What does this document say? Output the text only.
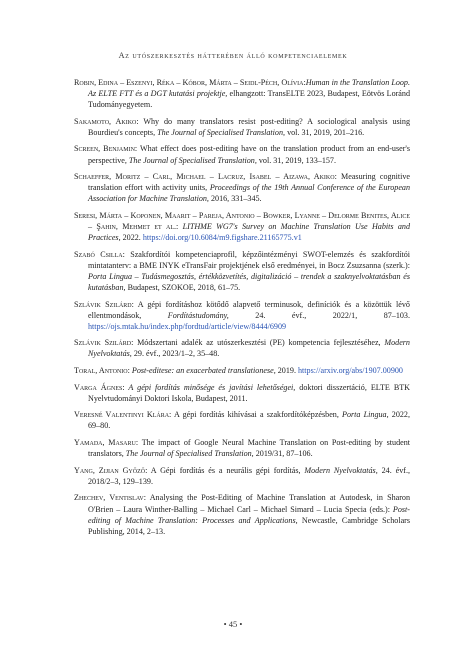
Az utószerkesztés hátterében álló kompetenciaelemek
Robin, Edina – Eszenyi, Réka – Kóbor, Márta – Seidl-Péch, Olívia:Human in the Translation Loop. Az ELTE FTT és a DGT kutatási projektje, elhangzott: TransELTE 2023, Budapest, Eötvös Loránd Tudományegyetem.
Sakamoto, Akiko: Why do many translators resist post-editing? A sociological analysis using Bourdieu's concepts, The Journal of Specialised Translation, vol. 31, 2019, 201–216.
Screen, Benjamin: What effect does post-editing have on the translation product from an end-user's perspective, The Journal of Specialised Translation, vol. 31, 2019, 133–157.
Schaeffer, Moritz – Carl, Michael – Lacruz, Isabel – Aizawa, Akiko: Measuring cognitive translation effort with activity units, Proceedings of the 19th Annual Conference of the European Association for Machine Translation, 2016, 331–345.
Seresi, Márta – Koponen, Maarit – Pareja, Antonio – Bowker, Lyanne – Delorme Benites, Alice – Şahin, Mehmet et al.: LITHME WG7's Survey on Machine Translation Use Habits and Practices, 2022. https://doi.org/10.6084/m9.figshare.21165775.v1
Szabó Csilla: Szakfordítói kompetenciaprofil, képzőintézményi SWOT-elemzés és szakfordítói mintatanterv: a BME INYK eTransFair projektjének első eredményei, in Bocz Zsuzsanna (szerk.): Porta Lingua – Tudásmegosztás, értékközvetítés, digitalizáció – trendek a szaknyelvoktatásban és kutatásban, Budapest, SZOKOE, 2018, 61–75.
Szlávik Szilárd: A gépi fordításhoz kötődő alapvető terminusok, definíciók és a közöttük lévő ellentmondások, Fordítástudomány, 24. évf., 2022/1, 87–103. https://ojs.mtak.hu/index.php/fordtud/article/view/8444/6909
Szlávik Szilárd: Módszertani adalék az utószerkesztési (PE) kompetencia fejlesztéséhez, Modern Nyelvoktatás, 29. évf., 2023/1–2, 35–48.
Toral, Antonio: Post-editese: an exacerbated translationese, 2019. https://arxiv.org/abs/1907.00900
Varga Ágnes: A gépi fordítás minősége és javítási lehetőségei, doktori disszertáció, ELTE BTK Nyelvtudományi Doktori Iskola, Budapest, 2011.
Veresné Valentinyi Klára: A gépi fordítás kihívásai a szakfordítóképzésben, Porta Lingua, 2022, 69–80.
Yamada, Masaru: The impact of Google Neural Machine Translation on Post-editing by student translators, The Journal of Specialised Translation, 2019/31, 87–106.
Yang, Zijian Győző: A Gépi fordítás és a neurális gépi fordítás, Modern Nyelvoktatás, 24. évf., 2018/2–3, 129–139.
Zhechev, Ventislav: Analysing the Post-Editing of Machine Translation at Autodesk, in Sharon O'Brien – Laura Winther-Balling – Michael Carl – Michael Simard – Lucia Specia (eds.): Post-editing of Machine Translation: Processes and Applications, Newcastle, Cambridge Scholars Publishing, 2014, 2–13.
• 45 •
